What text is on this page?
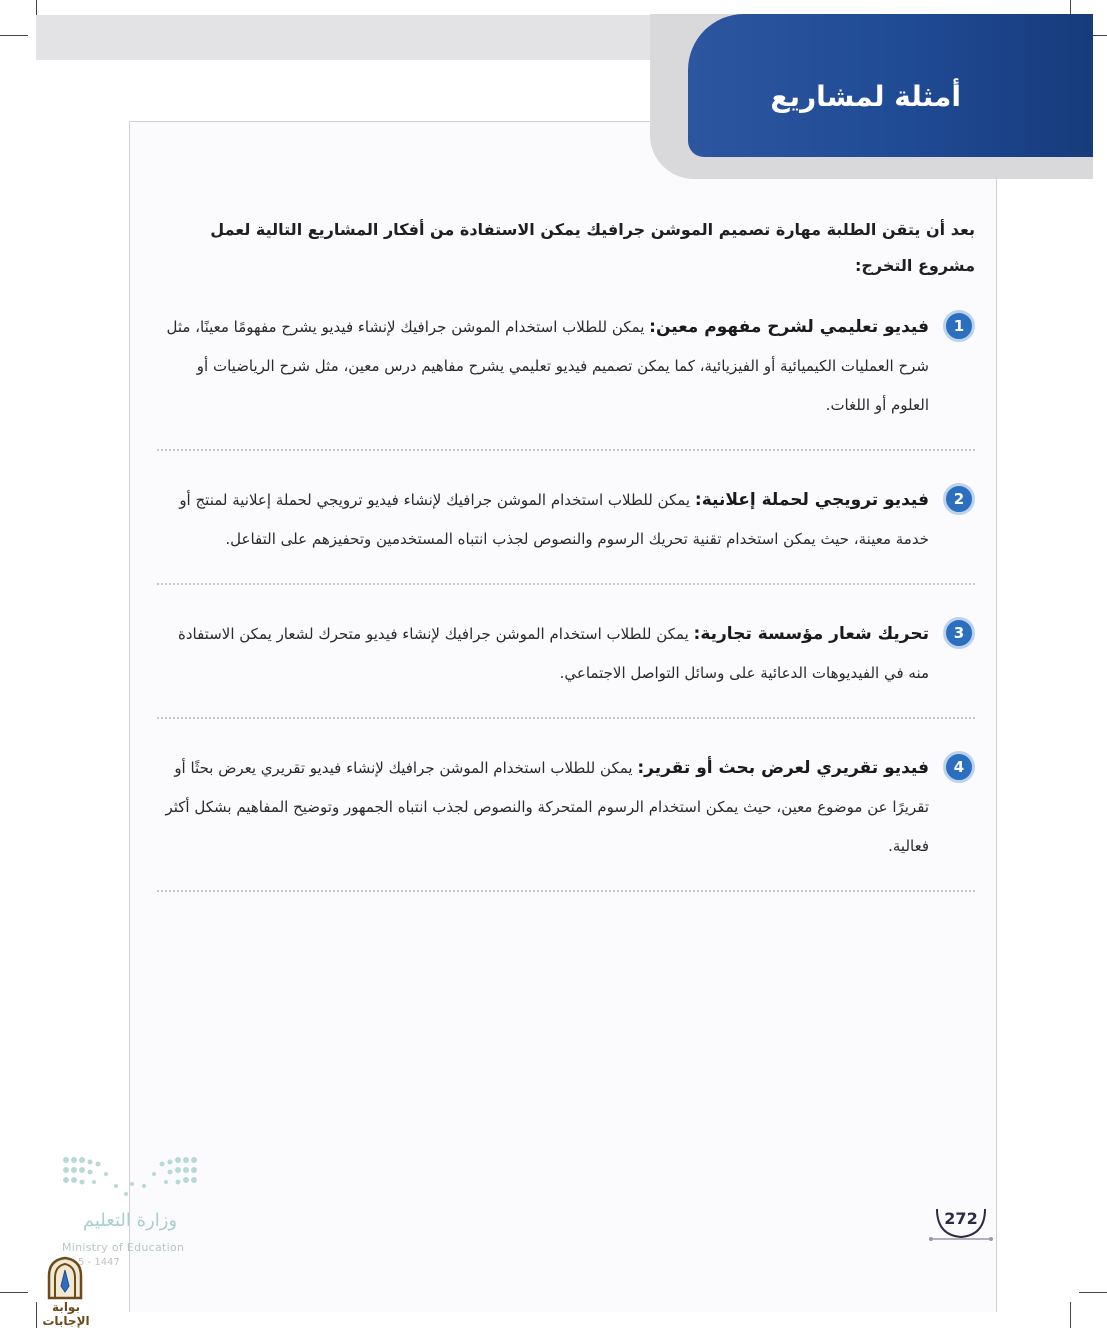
أمثلة لمشاريع

بعد أن يتقن الطلبة مهارة تصميم الموشن جرافيك يمكن الاستفادة من أفكار المشاريع التالية لعمل مشروع التخرج:

1

فيديو تعليمي لشرح مفهوم معين: يمكن للطلاب استخدام الموشن جرافيك لإنشاء فيديو يشرح مفهومًا معينًا، مثل شرح العمليات الكيميائية أو الفيزيائية، كما يمكن تصميم فيديو تعليمي يشرح مفاهيم درس معين، مثل شرح الرياضيات أو العلوم أو اللغات.

2

فيديو ترويجي لحملة إعلانية: يمكن للطلاب استخدام الموشن جرافيك لإنشاء فيديو ترويجي لحملة إعلانية لمنتج أو خدمة معينة، حيث يمكن استخدام تقنية تحريك الرسوم والنصوص لجذب انتباه المستخدمين وتحفيزهم على التفاعل.

3

تحريك شعار مؤسسة تجارية: يمكن للطلاب استخدام الموشن جرافيك لإنشاء فيديو متحرك لشعار يمكن الاستفادة منه في الفيديوهات الدعائية على وسائل التواصل الاجتماعي.

4

فيديو تقريري لعرض بحث أو تقرير: يمكن للطلاب استخدام الموشن جرافيك لإنشاء فيديو تقريري يعرض بحثًا أو تقريرًا عن موضوع معين، حيث يمكن استخدام الرسوم المتحركة والنصوص لجذب انتباه الجمهور وتوضيح المفاهيم بشكل أكثر فعالية.

272
وزارة التعليم
Ministry of Education
5 - 1447
بوابة الإجابات
